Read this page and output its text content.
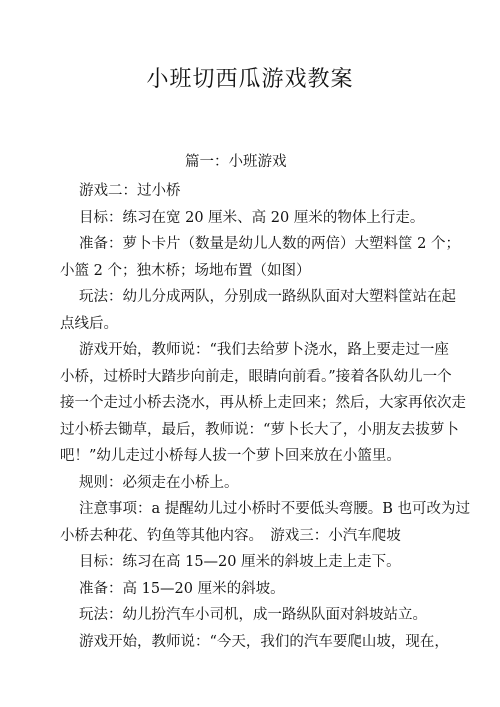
小班切西瓜游戏教案
篇一：小班游戏
游戏二：过小桥
目标：练习在宽 20 厘米、高 20 厘米的物体上行走。
准备：萝卜卡片（数量是幼儿人数的两倍）大塑料筐 2 个；
小篮 2 个；独木桥；场地布置（如图）
玩法：幼儿分成两队，分别成一路纵队面对大塑料筐站在起
点线后。
游戏开始，教师说：“我们去给萝卜浇水，路上要走过一座
小桥，过桥时大踏步向前走，眼睛向前看。”接着各队幼儿一个
接一个走过小桥去浇水，再从桥上走回来；然后，大家再依次走
过小桥去锄草，最后，教师说：“萝卜长大了，小朋友去拔萝卜
吧！”幼儿走过小桥每人拔一个萝卜回来放在小篮里。
规则：必须走在小桥上。
注意事项：a 提醒幼儿过小桥时不要低头弯腰。B 也可改为过
小桥去种花、钓鱼等其他内容。　游戏三：小汽车爬坡
目标：练习在高 15—20 厘米的斜坡上走上走下。
准备：高 15—20 厘米的斜坡。
玩法：幼儿扮汽车小司机，成一路纵队面对斜坡站立。
游戏开始，教师说：“今天，我们的汽车要爬山坡，现在，
